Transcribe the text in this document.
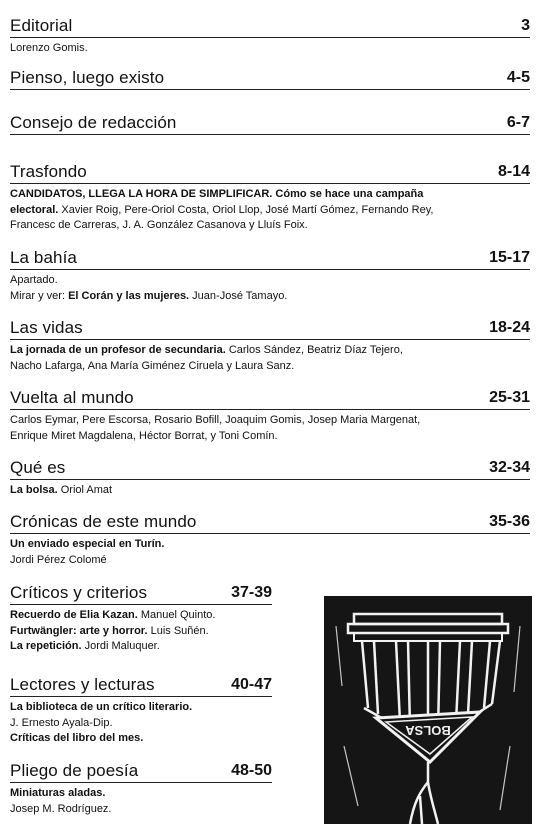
Editorial	3
Lorenzo Gomis.
Pienso, luego existo	4-5
Consejo de redacción	6-7
Trasfondo	8-14
CANDIDATOS, LLEGA LA HORA DE SIMPLIFICAR. Cómo se hace una campaña
electoral. Xavier Roig, Pere-Oriol Costa, Oriol Llop, José Martí Gómez, Fernando Rey,
Francesc de Carreras, J. A. González Casanova y Lluís Foix.
La bahía	15-17
Apartado.
Mirar y ver: El Corán y las mujeres. Juan-José Tamayo.
Las vidas	18-24
La jornada de un profesor de secundaria. Carlos Sández, Beatriz Díaz Tejero,
Nacho Lafarga, Ana María Giménez Ciruela y Laura Sanz.
Vuelta al mundo	25-31
Carlos Eymar, Pere Escorsa, Rosario Bofill, Joaquim Gomis, Josep Maria Margenat,
Enrique Miret Magdalena, Héctor Borrat, y Toni Comín.
Qué es	32-34
La bolsa. Oriol Amat
Crónicas de este mundo	35-36
Un enviado especial en Turín.
Jordi Pérez Colomé
Críticos y criterios	37-39
Recuerdo de Elia Kazan. Manuel Quinto.
Furtwängler: arte y horror. Luis Suñén.
La repetición. Jordi Maluquer.
Lectores y lecturas	40-47
La biblioteca de un crítico literario.
J. Ernesto Ayala-Dip.
Críticas del libro del mes.
Pliego de poesía	48-50
Miniaturas aladas.
Josep M. Rodríguez.
BOLSA
